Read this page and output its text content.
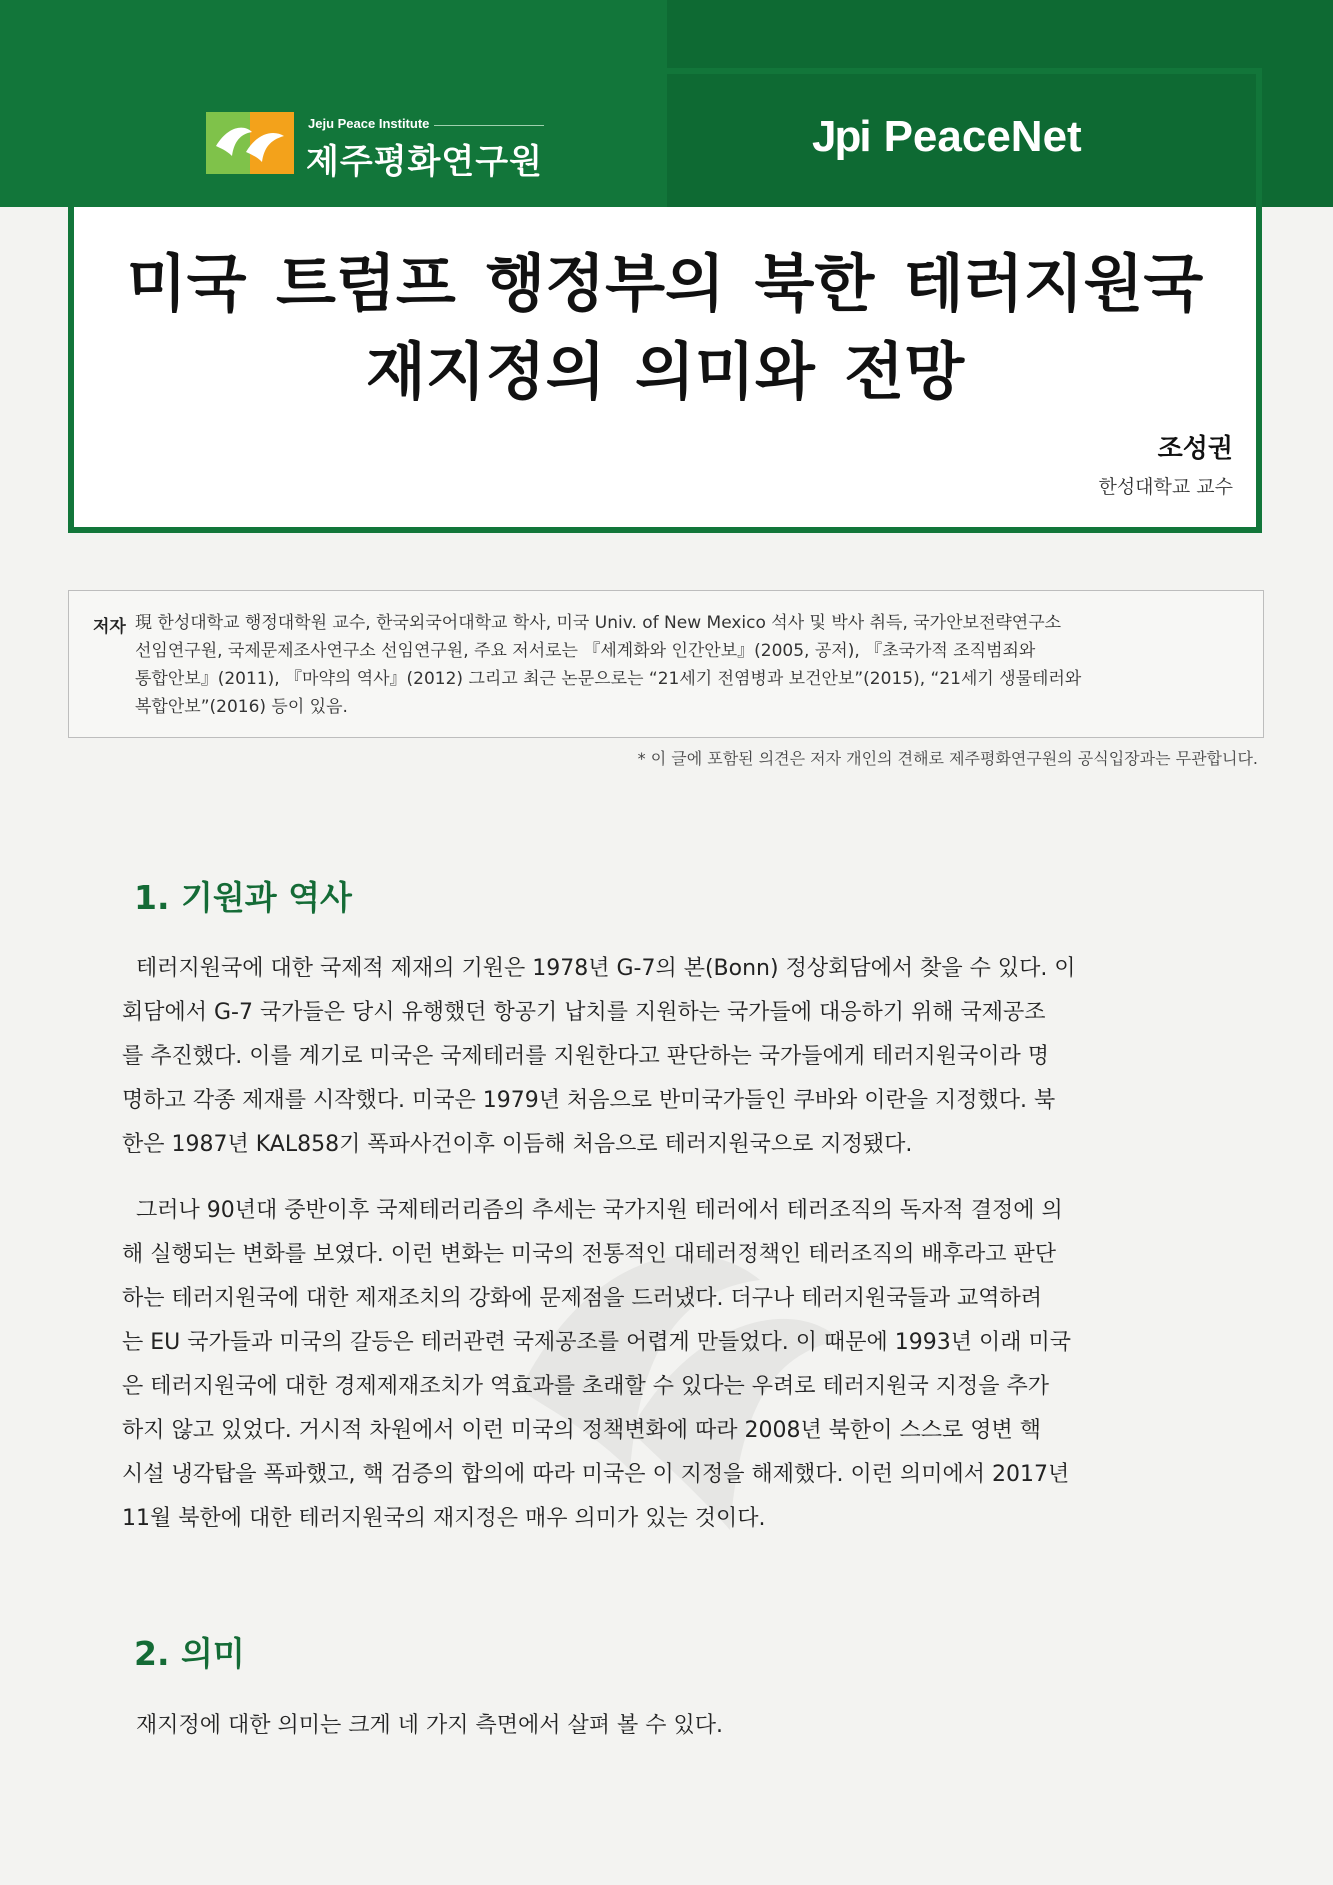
Jeju Peace Institute
제주평화연구원
Jpi PeaceNet
미국 트럼프 행정부의 북한 테러지원국
재지정의 의미와 전망
조성권
한성대학교 교수
저자 現 한성대학교 행정대학원 교수, 한국외국어대학교 학사, 미국 Univ. of New Mexico 석사 및 박사 취득, 국가안보전략연구소
선임연구원, 국제문제조사연구소 선임연구원, 주요 저서로는 『세계화와 인간안보』(2005, 공저), 『초국가적 조직범죄와
통합안보』(2011), 『마약의 역사』(2012) 그리고 최근 논문으로는 “21세기 전염병과 보건안보”(2015), “21세기 생물테러와
복합안보”(2016) 등이 있음.
* 이 글에 포함된 의견은 저자 개인의 견해로 제주평화연구원의 공식입장과는 무관합니다.
1. 기원과 역사
테러지원국에 대한 국제적 제재의 기원은 1978년 G-7의 본(Bonn) 정상회담에서 찾을 수 있다. 이
회담에서 G-7 국가들은 당시 유행했던 항공기 납치를 지원하는 국가들에 대응하기 위해 국제공조
를 추진했다. 이를 계기로 미국은 국제테러를 지원한다고 판단하는 국가들에게 테러지원국이라 명
명하고 각종 제재를 시작했다. 미국은 1979년 처음으로 반미국가들인 쿠바와 이란을 지정했다. 북
한은 1987년 KAL858기 폭파사건이후 이듬해 처음으로 테러지원국으로 지정됐다.
그러나 90년대 중반이후 국제테러리즘의 추세는 국가지원 테러에서 테러조직의 독자적 결정에 의
해 실행되는 변화를 보였다. 이런 변화는 미국의 전통적인 대테러정책인 테러조직의 배후라고 판단
하는 테러지원국에 대한 제재조치의 강화에 문제점을 드러냈다. 더구나 테러지원국들과 교역하려
는 EU 국가들과 미국의 갈등은 테러관련 국제공조를 어렵게 만들었다. 이 때문에 1993년 이래 미국
은 테러지원국에 대한 경제제재조치가 역효과를 초래할 수 있다는 우려로 테러지원국 지정을 추가
하지 않고 있었다. 거시적 차원에서 이런 미국의 정책변화에 따라 2008년 북한이 스스로 영변 핵
시설 냉각탑을 폭파했고, 핵 검증의 합의에 따라 미국은 이 지정을 해제했다. 이런 의미에서 2017년
11월 북한에 대한 테러지원국의 재지정은 매우 의미가 있는 것이다.
2. 의미
재지정에 대한 의미는 크게 네 가지 측면에서 살펴 볼 수 있다.
